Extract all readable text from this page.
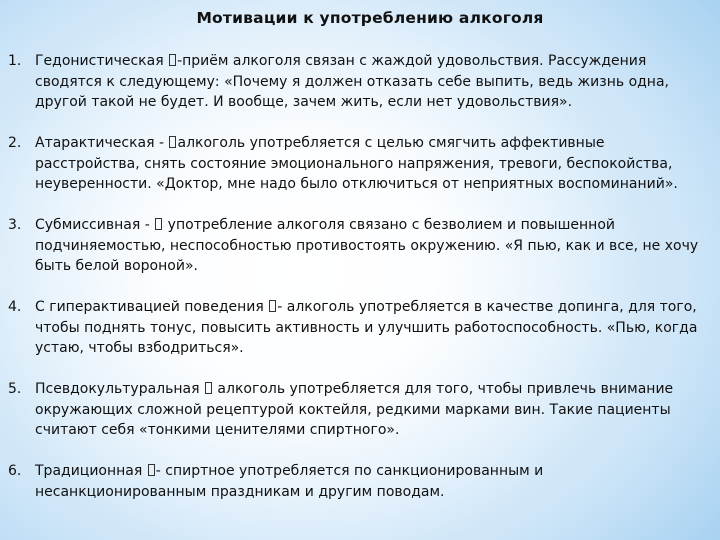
Мотивации к употреблению алкоголя
1. Гедонистическая -приём алкоголя связан с жаждой удовольствия. Рассуждения сводятся к следующему: «Почему я должен отказать себе выпить, ведь жизнь одна, другой такой не будет. И вообще, зачем жить, если нет удовольствия».
2. Атарактическая - алкоголь употребляется с целью смягчить аффективные расстройства, снять состояние эмоционального напряжения, тревоги, беспокойства, неуверенности. «Доктор, мне надо было отключиться от неприятных воспоминаний».
3. Субмиссивная -  употребление алкоголя связано с безволием и повышенной подчиняемостью, неспособностью противостоять окружению. «Я пью, как и все, не хочу быть белой вороной».
4. С гиперактивацией поведения - алкоголь употребляется в качестве допинга, для того, чтобы поднять тонус, повысить активность и улучшить работоспособность. «Пью, когда устаю, чтобы взбодриться».
5. Псевдокультуральная  алкоголь употребляется для того, чтобы привлечь внимание окружающих сложной рецептурой коктейля, редкими марками вин. Такие пациенты считают себя «тонкими ценителями спиртного».
6. Традиционная - спиртное употребляется по санкционированным и несанкционированным праздникам и другим поводам.
